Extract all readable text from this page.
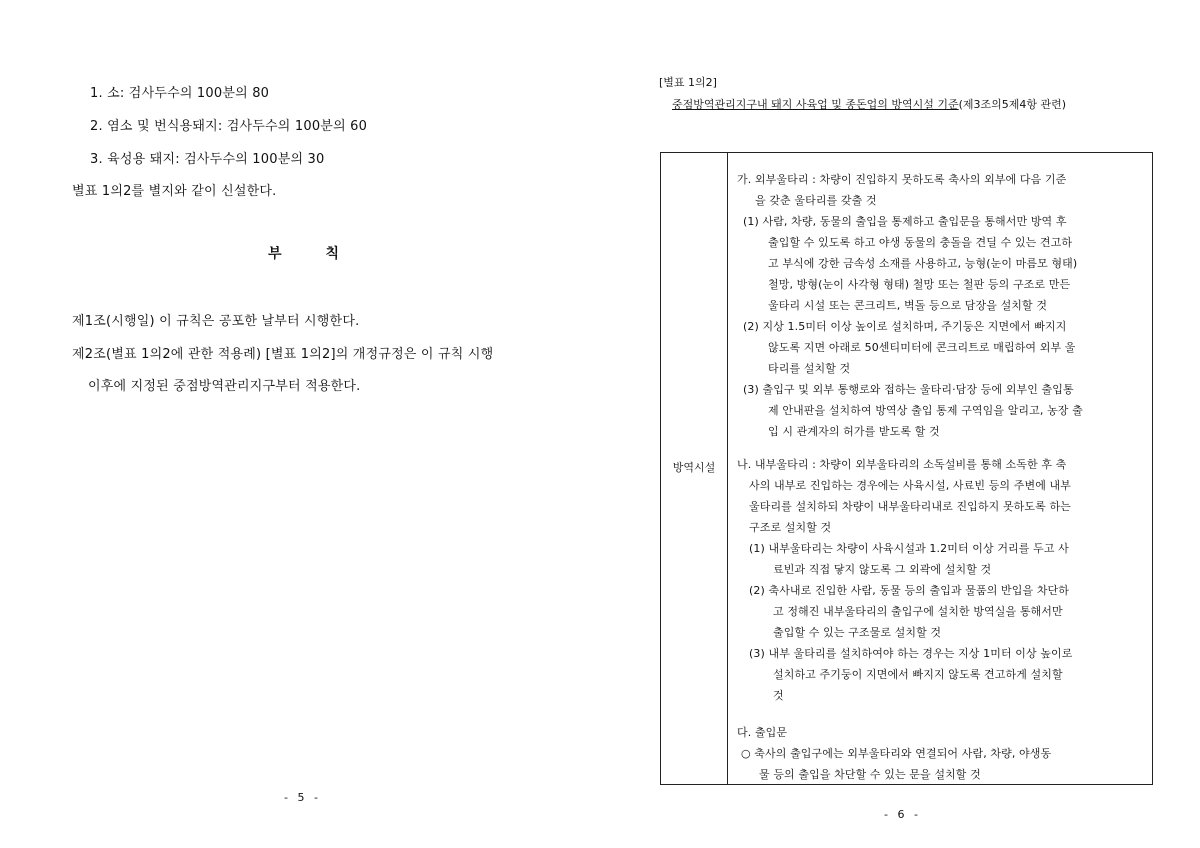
1. 소: 검사두수의 100분의 80
2. 염소 및 번식용돼지: 검사두수의 100분의 60
3. 육성용 돼지: 검사두수의 100분의 30
별표 1의2를 별지와 같이 신설한다.
부칙
제1조(시행일) 이 규칙은 공포한 날부터 시행한다.
제2조(별표 1의2에 관한 적용례) [별표 1의2]의 개정규정은 이 규칙 시행
이후에 지정된 중점방역관리지구부터 적용한다.
- 5 -
[별표 1의2]
중점방역관리지구내 돼지 사육업 및 종돈업의 방역시설 기준(제3조의5제4항 관련)
방역시설
가. 외부울타리 : 차량이 진입하지 못하도록 축사의 외부에 다음 기준
을 갖춘 울타리를 갖출 것
(1) 사람, 차량, 동물의 출입을 통제하고 출입문을 통해서만 방역 후
출입할 수 있도록 하고 야생 동물의 충돌을 견딜 수 있는 견고하
고 부식에 강한 금속성 소재를 사용하고, 능형(눈이 마름모 형태)
철망, 방형(눈이 사각형 형태) 철망 또는 철판 등의 구조로 만든
울타리 시설 또는 콘크리트, 벽돌 등으로 담장을 설치할 것
(2) 지상 1.5미터 이상 높이로 설치하며, 주기둥은 지면에서 빠지지
않도록 지면 아래로 50센티미터에 콘크리트로 매립하여 외부 울
타리를 설치할 것
(3) 출입구 및 외부 통행로와 접하는 울타리·담장 등에 외부인 출입통
제 안내판을 설치하여 방역상 출입 통제 구역임을 알리고, 농장 출
입 시 관계자의 허가를 받도록 할 것
나. 내부울타리 : 차량이 외부울타리의 소독설비를 통해 소독한 후 축
사의 내부로 진입하는 경우에는 사육시설, 사료빈 등의 주변에 내부
울타리를 설치하되 차량이 내부울타리내로 진입하지 못하도록 하는
구조로 설치할 것
(1) 내부울타리는 차량이 사육시설과 1.2미터 이상 거리를 두고 사
료빈과 직접 닿지 않도록 그 외곽에 설치할 것
(2) 축사내로 진입한 사람, 동물 등의 출입과 물품의 반입을 차단하
고 정해진 내부울타리의 출입구에 설치한 방역실을 통해서만
출입할 수 있는 구조물로 설치할 것
(3) 내부 울타리를 설치하여야 하는 경우는 지상 1미터 이상 높이로
설치하고 주기둥이 지면에서 빠지지 않도록 견고하게 설치할
것
다. 출입문
○ 축사의 출입구에는 외부울타리와 연결되어 사람, 차량, 야생동
물 등의 출입을 차단할 수 있는 문을 설치할 것
- 6 -
